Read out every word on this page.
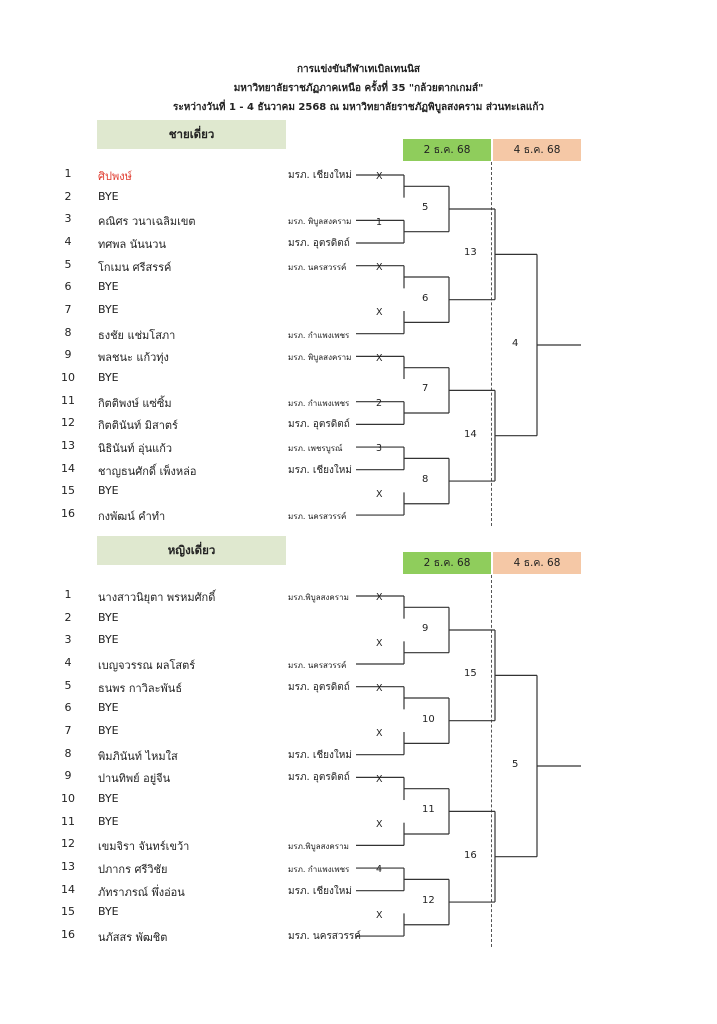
การแข่งขันกีฬาเทเบิลเทนนิส
มหาวิทยาลัยราชภัฏภาคเหนือ ครั้งที่ 35 "กล้วยตากเกมส์"
ระหว่างวันที่ 1 - 4 ธันวาคม 2568 ณ มหาวิทยาลัยราชภัฏพิบูลสงคราม ส่วนทะเลแก้ว
ชายเดี่ยว
2 ธ.ค. 68	4 ธ.ค. 68
หญิงเดี่ยว
2 ธ.ค. 68	4 ธ.ค. 68
1	ศิปพงษ์	มรภ. เชียงใหม่
2	BYE
3	คณิศร วนาเฉลิมเขต	มรภ. พิบูลสงคราม
4	ทศพล นันนวน	มรภ. อุตรดิตถ์
5	โกเมน ศรีสรรค์	มรภ. นครสวรรค์
6	BYE
7	BYE
8	ธงชัย แช่มโสภา	มรภ. กำแพงเพชร
9	พลชนะ แก้วทุ่ง	มรภ. พิบูลสงคราม
10 BYE
11 กิตติพงษ์ แซ่ซิ้ม	มรภ. กำแพงเพชร
12 กิตตินันท์ มิสาตร์	มรภ. อุตรดิตถ์
13 นิธินันท์ อุ่นแก้ว	มรภ. เพชรบูรณ์
14 ชาญธนศักดิ์ เพ็งหล่อ	มรภ. เชียงใหม่
15 BYE
16 กงพัฒน์ คำทำ	มรภ. นครสวรรค์
X
1
X
X
X
2
3
X
5
6
7
8
13
14
4
1	นางสาวนิยุตา พรหมศักดิ์	มรภ.พิบูลสงคราม
2	BYE
3	BYE
4	เบญจวรรณ ผลโสตร์	มรภ. นครสวรรค์
5	ธนพร กาวิละพันธ์	มรภ. อุตรดิตถ์
6	BYE
7	BYE
8	พิมภินันท์ ไหมใส	มรภ. เชียงใหม่
9	ปานทิพย์ อยู่จีน	มรภ. อุตรดิตถ์
10 BYE
11 BYE
12 เขมจิรา จันทร์เขว้า	มรภ.พิบูลสงคราม
13 ปภากร ศรีวิชัย	มรภ. กำแพงเพชร
14 ภัทราภรณ์ พึ่งอ่อน	มรภ. เชียงใหม่
15 BYE
16 นภัสสร พัฒชิต	มรภ. นครสวรรค์
X
X
X
X
X
X
4
X
9
10
11
12
15
16
5
